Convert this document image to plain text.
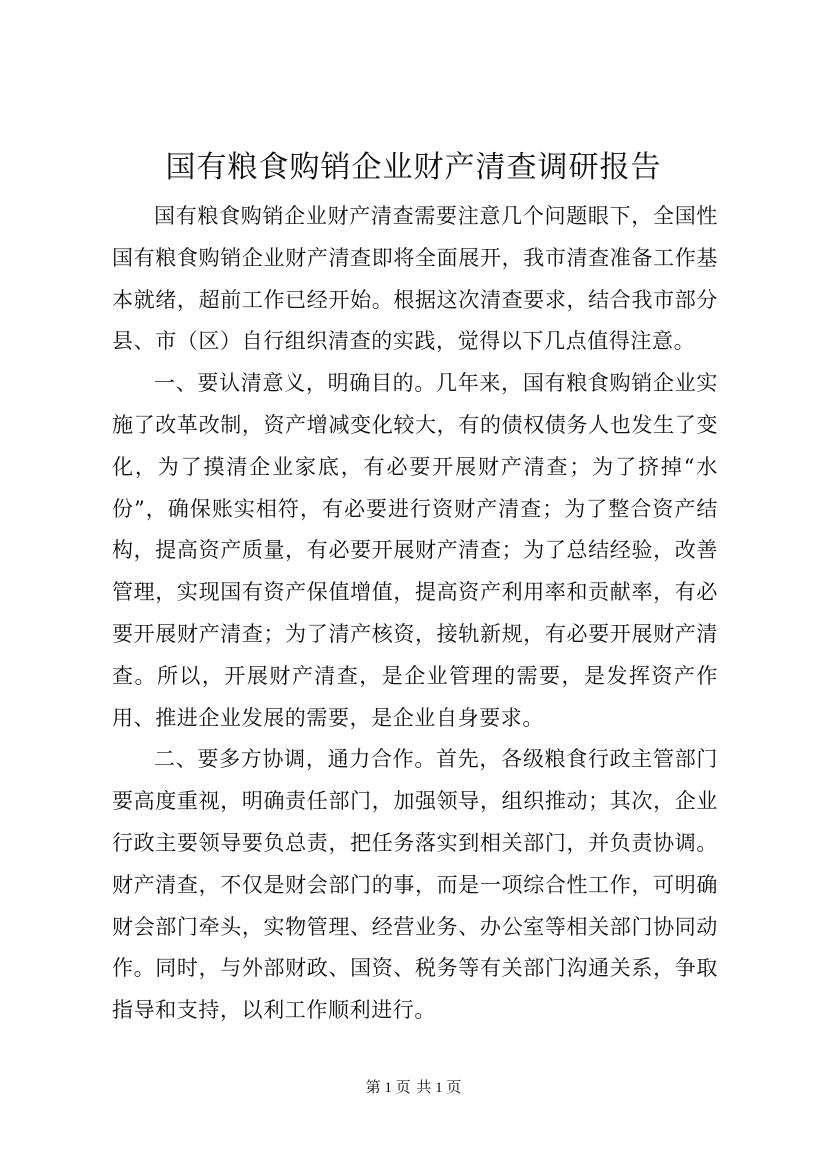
国有粮食购销企业财产清查调研报告

国有粮食购销企业财产清查需要注意几个问题眼下，全国性国有粮食购销企业财产清查即将全面展开，我市清查准备工作基本就绪，超前工作已经开始。根据这次清查要求，结合我市部分县、市（区）自行组织清查的实践，觉得以下几点值得注意。

一、要认清意义，明确目的。几年来，国有粮食购销企业实施了改革改制，资产增减变化较大，有的债权债务人也发生了变化，为了摸清企业家底，有必要开展财产清查；为了挤掉“水份”，确保账实相符，有必要进行资财产清查；为了整合资产结构，提高资产质量，有必要开展财产清查；为了总结经验，改善管理，实现国有资产保值增值，提高资产利用率和贡献率，有必要开展财产清查；为了清产核资，接轨新规，有必要开展财产清查。所以，开展财产清查，是企业管理的需要，是发挥资产作用、推进企业发展的需要，是企业自身要求。

二、要多方协调，通力合作。首先，各级粮食行政主管部门要高度重视，明确责任部门，加强领导，组织推动；其次，企业行政主要领导要负总责，把任务落实到相关部门，并负责协调。财产清查，不仅是财会部门的事，而是一项综合性工作，可明确财会部门牵头，实物管理、经营业务、办公室等相关部门协同动作。同时，与外部财政、国资、税务等有关部门沟通关系，争取指导和支持，以利工作顺利进行。

第 1 页 共 1 页
